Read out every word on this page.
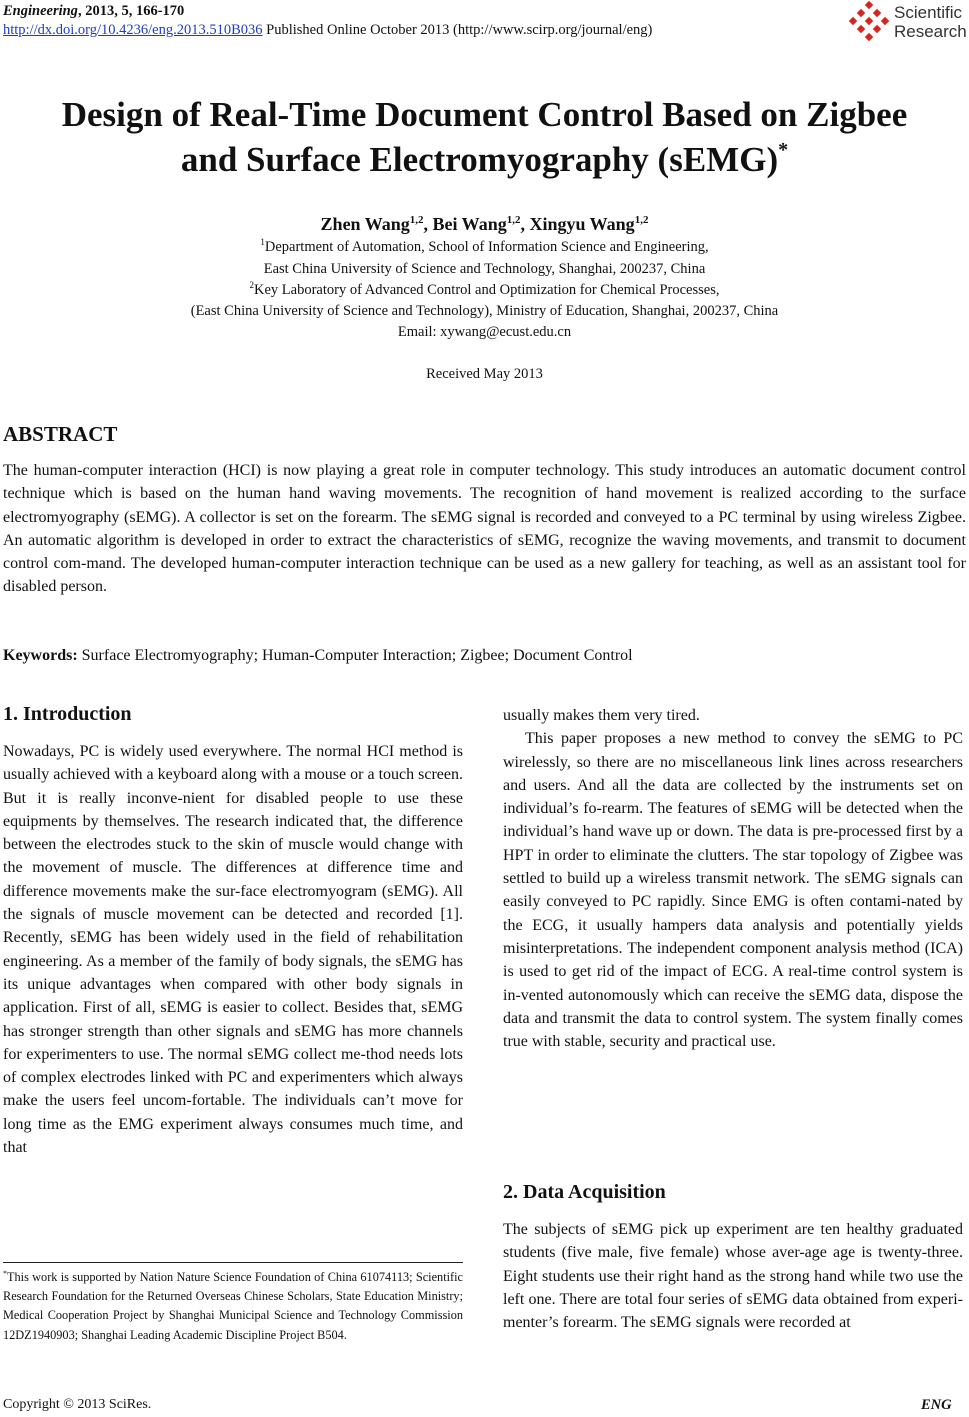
Engineering, 2013, 5, 166-170
http://dx.doi.org/10.4236/eng.2013.510B036 Published Online October 2013 (http://www.scirp.org/journal/eng)
Scientific
Research
Design of Real-Time Document Control Based on Zigbee
and Surface Electromyography (sEMG)*
Zhen Wang$^{1,2}$, Bei Wang$^{1,2}$, Xingyu Wang$^{1,2}$
$^1$Department of Automation, School of Information Science and Engineering,
East China University of Science and Technology, Shanghai, 200237, China
$^2$Key Laboratory of Advanced Control and Optimization for Chemical Processes,
(East China University of Science and Technology), Ministry of Education, Shanghai, 200237, China
Email: xywang@ecust.edu.cn
Received May 2013
ABSTRACT
The human-computer interaction (HCI) is now playing a great role in computer technology. This study introduces an automatic document control technique which is based on the human hand waving movements. The recognition of hand movement is realized according to the surface electromyography (sEMG). A collector is set on the forearm. The sEMG signal is recorded and conveyed to a PC terminal by using wireless Zigbee. An automatic algorithm is developed in order to extract the characteristics of sEMG, recognize the waving movements, and transmit to document control com-mand. The developed human-computer interaction technique can be used as a new gallery for teaching, as well as an assistant tool for disabled person.
Keywords: Surface Electromyography; Human-Computer Interaction; Zigbee; Document Control
1. Introduction

Nowadays, PC is widely used everywhere. The normal HCI method is usually achieved with a keyboard along with a mouse or a touch screen. But it is really inconve-nient for disabled people to use these equipments by themselves. The research indicated that, the difference between the electrodes stuck to the skin of muscle would change with the movement of muscle. The differences at difference time and difference movements make the sur-face electromyogram (sEMG). All the signals of muscle movement can be detected and recorded [1]. Recently, sEMG has been widely used in the field of rehabilitation engineering. As a member of the family of body signals, the sEMG has its unique advantages when compared with other body signals in application. First of all, sEMG is easier to collect. Besides that, sEMG has stronger strength than other signals and sEMG has more channels for experimenters to use. The normal sEMG collect me-thod needs lots of complex electrodes linked with PC and experimenters which always make the users feel uncom-fortable. The individuals can’t move for long time as the EMG experiment always consumes much time, and that

*This work is supported by Nation Nature Science Foundation of China 61074113; Scientific Research Foundation for the Returned Overseas Chinese Scholars, State Education Ministry; Medical Cooperation Project by Shanghai Municipal Science and Technology Commission 12DZ1940903; Shanghai Leading Academic Discipline Project B504.

usually makes them very tired.

This paper proposes a new method to convey the sEMG to PC wirelessly, so there are no miscellaneous link lines across researchers and users. And all the data are collected by the instruments set on individual’s fo-rearm. The features of sEMG will be detected when the individual’s hand wave up or down. The data is pre-processed first by a HPT in order to eliminate the clutters. The star topology of Zigbee was settled to build up a wireless transmit network. The sEMG signals can easily conveyed to PC rapidly. Since EMG is often contami-nated by the ECG, it usually hampers data analysis and potentially yields misinterpretations. The independent component analysis method (ICA) is used to get rid of the impact of ECG. A real-time control system is in-vented autonomously which can receive the sEMG data, dispose the data and transmit the data to control system. The system finally comes true with stable, security and practical use.

2. Data Acquisition

The subjects of sEMG pick up experiment are ten healthy graduated students (five male, five female) whose aver-age age is twenty-three. Eight students use their right hand as the strong hand while two use the left one. There are total four series of sEMG data obtained from experi-menter’s forearm. The sEMG signals were recorded at

Copyright © 2013 SciRes.	ENG
